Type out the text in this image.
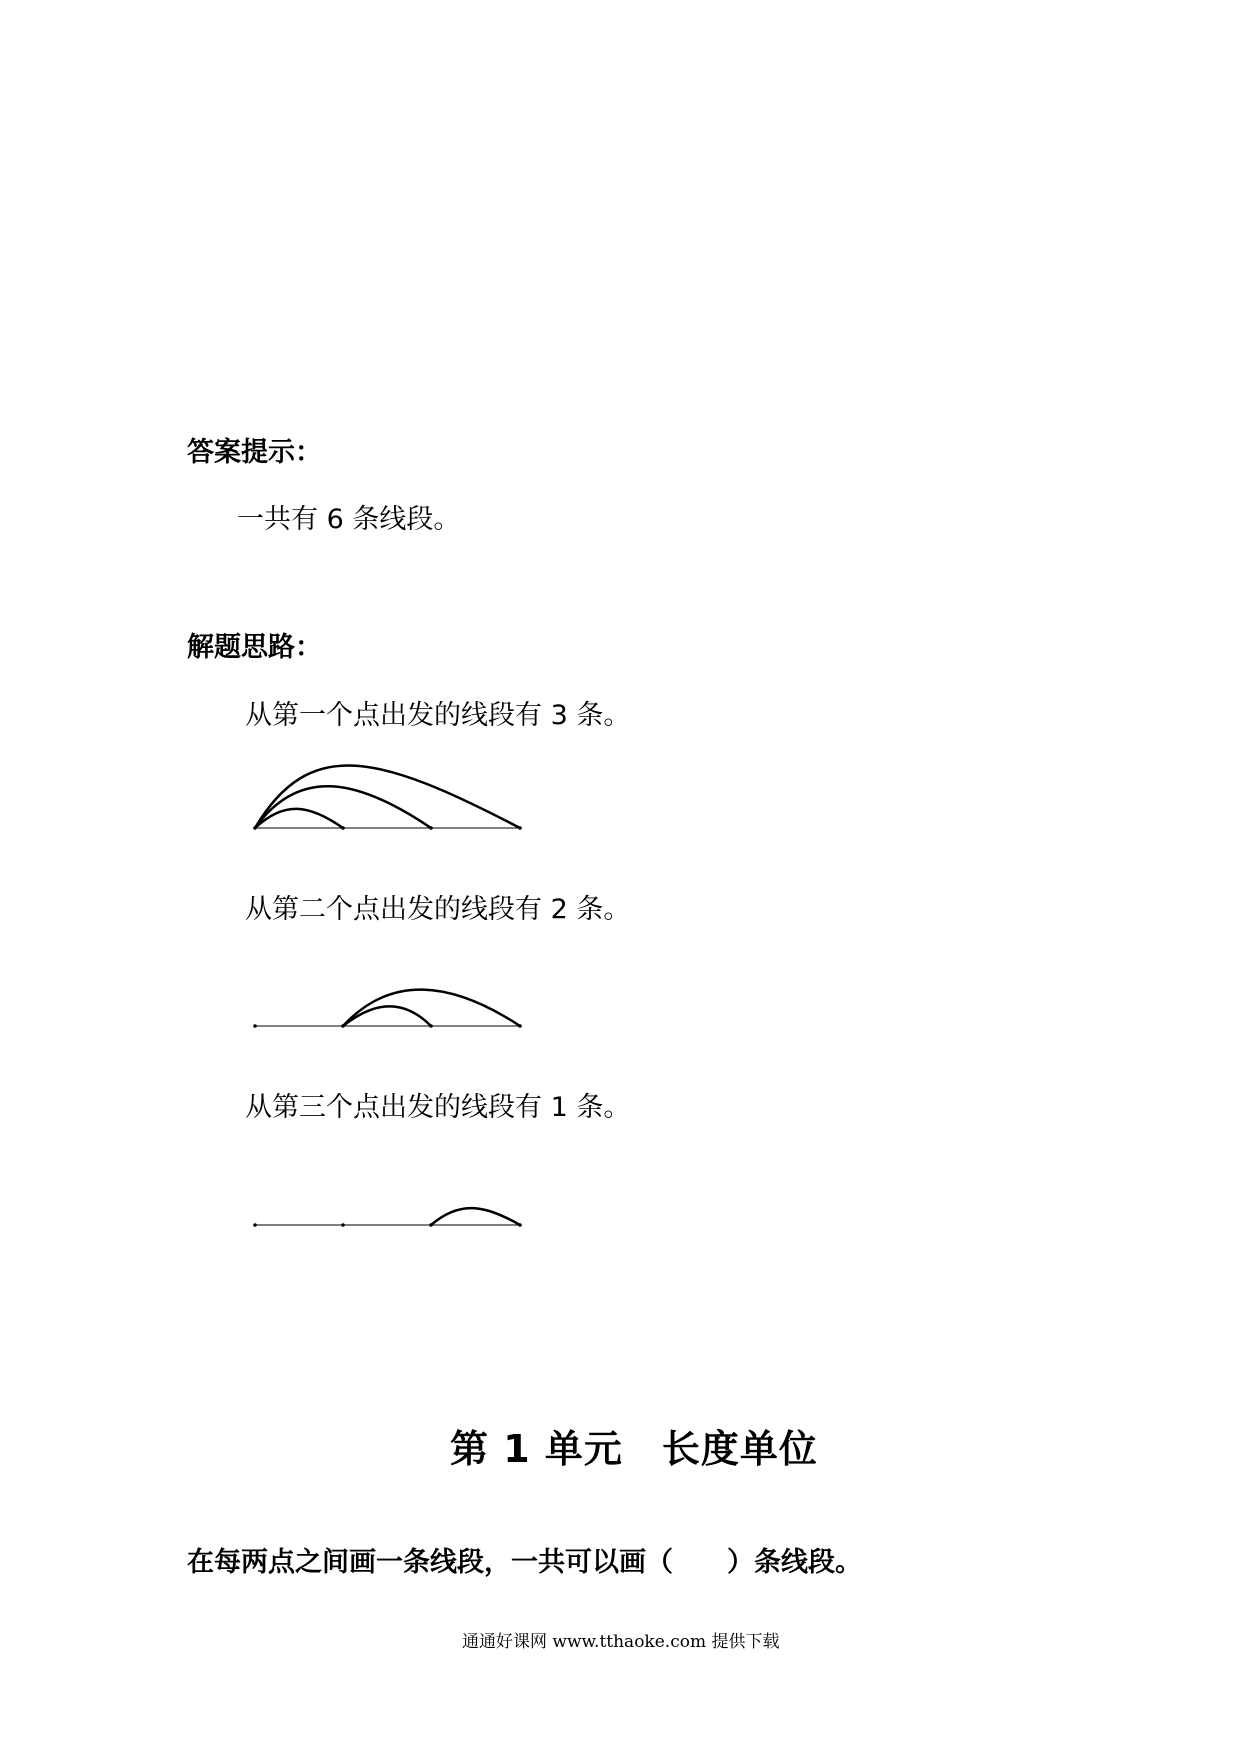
答案提示：
一共有 6 条线段。
解题思路：
从第一个点出发的线段有 3 条。
从第二个点出发的线段有 2 条。
从第三个点出发的线段有 1 条。
第 1 单元　长度单位
在每两点之间画一条线段，一共可以画（　　）条线段。
通通好课网 www.tthaoke.com 提供下载
